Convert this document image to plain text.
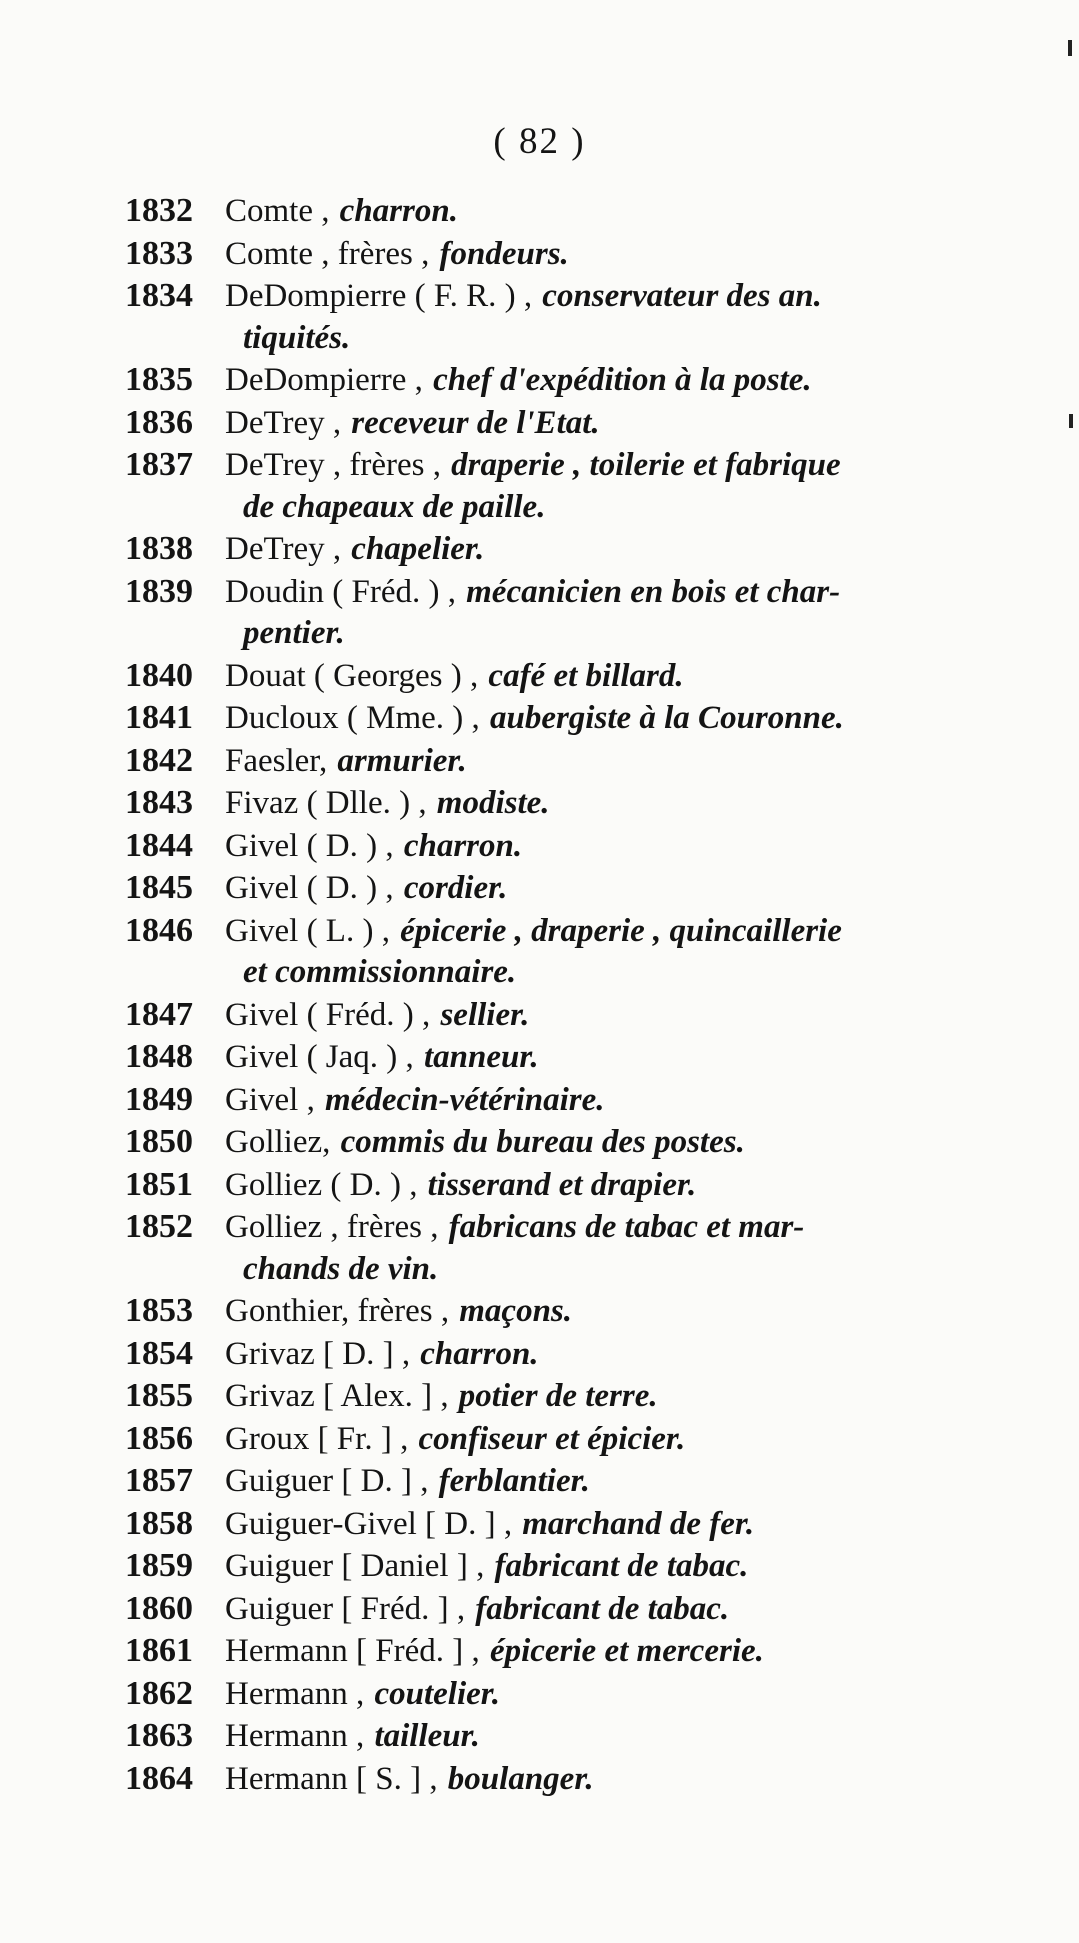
( 82 )
1832 Comte , charron.
1833 Comte , frères , fondeurs.
1834 DeDompierre ( F. R. ) , conservateur des an.
tiquités.
1835 DeDompierre , chef d'expédition à la poste.
1836 DeTrey , receveur de l'Etat.
1837 DeTrey , frères , draperie , toilerie et fabrique
de chapeaux de paille.
1838 DeTrey , chapelier.
1839 Doudin ( Fréd. ) , mécanicien en bois et char-
pentier.
1840 Douat ( Georges ) , café et billard.
1841 Ducloux ( Mme. ) , aubergiste à la Couronne.
1842 Faesler, armurier.
1843 Fivaz ( Dlle. ) , modiste.
1844 Givel ( D. ) , charron.
1845 Givel ( D. ) , cordier.
1846 Givel ( L. ) , épicerie , draperie , quincaillerie
et commissionnaire.
1847 Givel ( Fréd. ) , sellier.
1848 Givel ( Jaq. ) , tanneur.
1849 Givel , médecin-vétérinaire.
1850 Golliez, commis du bureau des postes.
1851 Golliez ( D. ) , tisserand et drapier.
1852 Golliez , frères , fabricans de tabac et mar-
chands de vin.
1853 Gonthier, frères , maçons.
1854 Grivaz [ D. ] , charron.
1855 Grivaz [ Alex. ] , potier de terre.
1856 Groux [ Fr. ] , confiseur et épicier.
1857 Guiguer [ D. ] , ferblantier.
1858 Guiguer-Givel [ D. ] , marchand de fer.
1859 Guiguer [ Daniel ] , fabricant de tabac.
1860 Guiguer [ Fréd. ] , fabricant de tabac.
1861 Hermann [ Fréd. ] , épicerie et mercerie.
1862 Hermann , coutelier.
1863 Hermann , tailleur.
1864 Hermann [ S. ] , boulanger.
